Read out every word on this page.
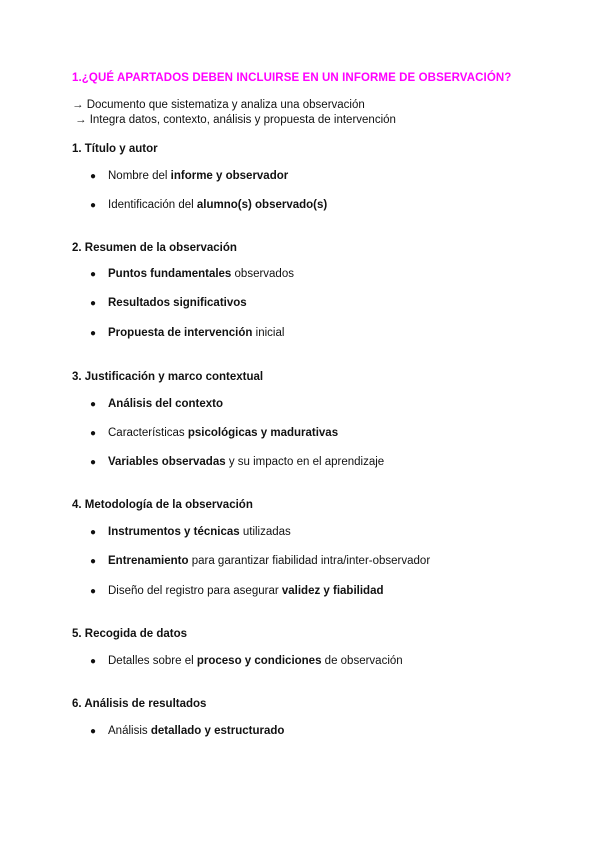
1.¿QUÉ APARTADOS DEBEN INCLUIRSE EN UN INFORME DE OBSERVACIÓN?
→ Documento que sistematiza y analiza una observación
→ Integra datos, contexto, análisis y propuesta de intervención
1. Título y autor
● Nombre del informe y observador
● Identificación del alumno(s) observado(s)
2. Resumen de la observación
● Puntos fundamentales observados
● Resultados significativos
● Propuesta de intervención inicial
3. Justificación y marco contextual
● Análisis del contexto
● Características psicológicas y madurativas
● Variables observadas y su impacto en el aprendizaje
4. Metodología de la observación
● Instrumentos y técnicas utilizadas
● Entrenamiento para garantizar fiabilidad intra/inter-observador
● Diseño del registro para asegurar validez y fiabilidad
5. Recogida de datos
● Detalles sobre el proceso y condiciones de observación
6. Análisis de resultados
● Análisis detallado y estructurado
